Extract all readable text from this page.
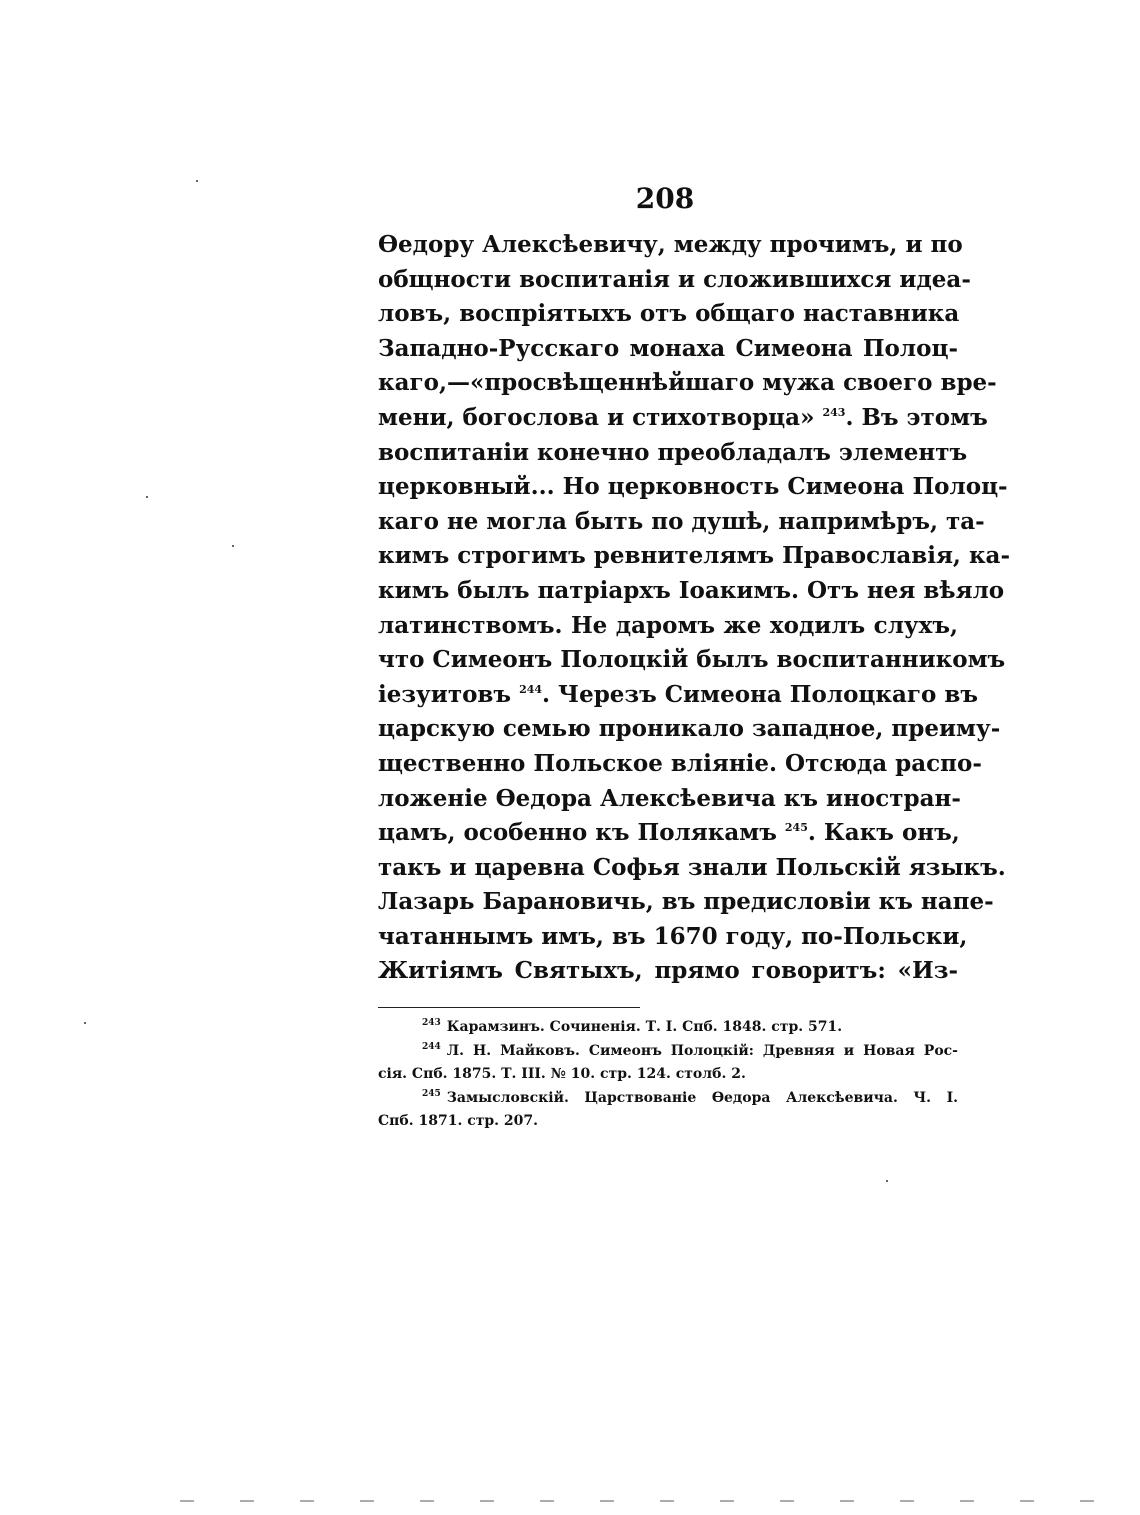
208
Өедору Алексѣевичу, между прочимъ, и по
общности воспитанія и сложившихся идеа-
ловъ, воспріятыхъ отъ общаго наставника
Западно-Русскаго монаха Симеона Полоц-
каго,—«просвѣщеннѣйшаго мужа своего вре-
мени, богослова и стихотворца» $^{243}$. Въ этомъ
воспитаніи конечно преобладалъ элементъ
церковный... Но церковность Симеона Полоц-
каго не могла быть по душѣ, напримѣръ, та-
кимъ строгимъ ревнителямъ Православія, ка-
кимъ былъ патріархъ Іоакимъ. Отъ нея вѣяло
латинствомъ. Не даромъ же ходилъ слухъ,
что Симеонъ Полоцкій былъ воспитанникомъ
іезуитовъ $^{244}$. Черезъ Симеона Полоцкаго въ
царскую семью проникало западное, преиму-
щественно Польское вліяніе. Отсюда распо-
ложеніе Өедора Алексѣевича къ иностран-
цамъ, особенно къ Полякамъ $^{245}$. Какъ онъ,
такъ и царевна Софья знали Польскій языкъ.
Лазарь Барановичь, въ предисловіи къ напе-
чатаннымъ имъ, въ 1670 году, по-Польски,
Житіямъ Святыхъ, прямо говоритъ: «Из-
$^{243}$ Карамзинъ. Сочиненія. Т. I. Спб. 1848. стр. 571.
$^{244}$ Л. Н. Майковъ. Симеонъ Полоцкій: Древняя и Новая Рос-
сія. Спб. 1875. Т. III. № 10. стр. 124. столб. 2.
$^{245}$ Замысловскій. Царствованіе Өедора Алексѣевича. Ч. I.
Спб. 1871. стр. 207.
